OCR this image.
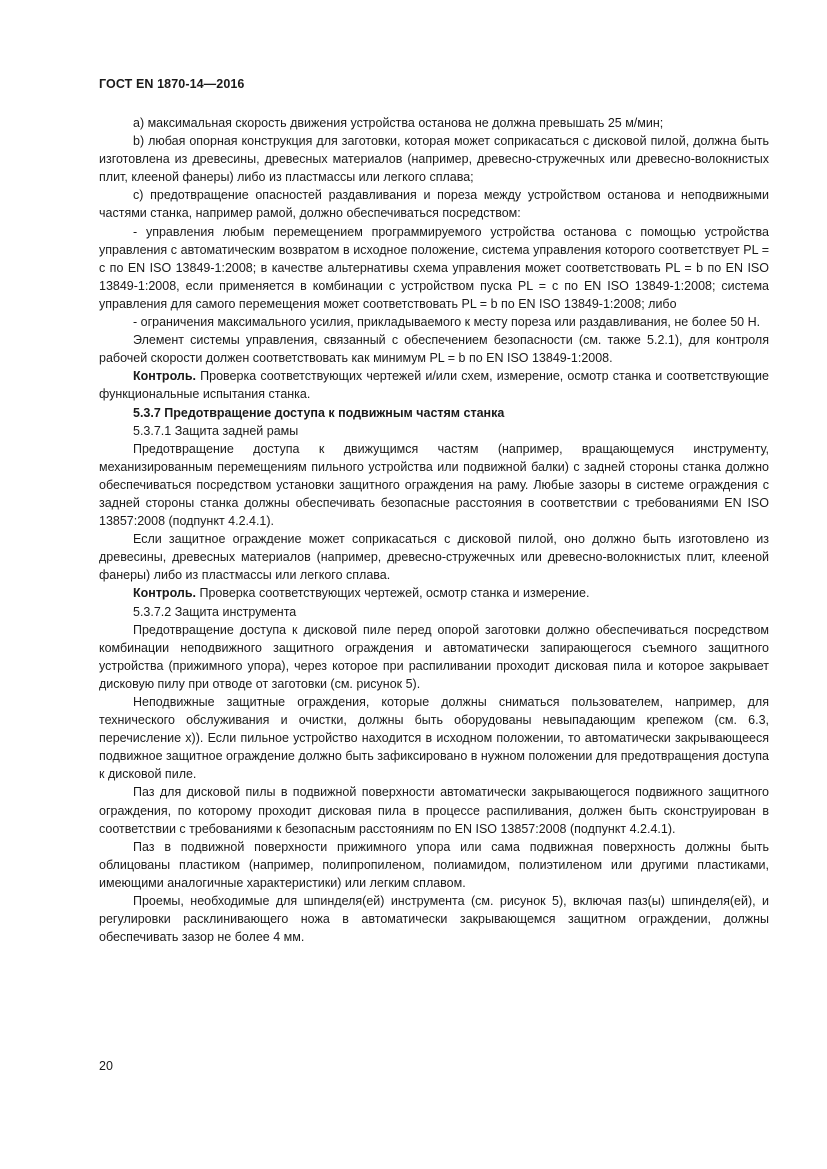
ГОСТ EN 1870-14—2016

а) максимальная скорость движения устройства останова не должна превышать 25 м/мин;

b) любая опорная конструкция для заготовки, которая может соприкасаться с дисковой пилой, должна быть изготовлена из древесины, древесных материалов (например, древесно-стружечных или древесно-волокнистых плит, клееной фанеры) либо из пластмассы или легкого сплава;

с) предотвращение опасностей раздавливания и пореза между устройством останова и неподвижными частями станка, например рамой, должно обеспечиваться посредством:

- управления любым перемещением программируемого устройства останова с помощью устройства управления с автоматическим возвратом в исходное положение, система управления которого соответствует PL = с по EN ISO 13849-1:2008; в качестве альтернативы схема управления может соответствовать PL = b по EN ISO 13849-1:2008, если применяется в комбинации с устройством пуска PL = с по EN ISO 13849-1:2008; система управления для самого перемещения может соответствовать PL = b по EN ISO 13849-1:2008; либо

- ограничения максимального усилия, прикладываемого к месту пореза или раздавливания, не более 50 Н.

Элемент системы управления, связанный с обеспечением безопасности (см. также 5.2.1), для контроля рабочей скорости должен соответствовать как минимум PL = b по EN ISO 13849-1:2008.

Контроль. Проверка соответствующих чертежей и/или схем, измерение, осмотр станка и соответствующие функциональные испытания станка.

5.3.7 Предотвращение доступа к подвижным частям станка

5.3.7.1 Защита задней рамы

Предотвращение доступа к движущимся частям (например, вращающемуся инструменту, механизированным перемещениям пильного устройства или подвижной балки) с задней стороны станка должно обеспечиваться посредством установки защитного ограждения на раму. Любые зазоры в системе ограждения с задней стороны станка должны обеспечивать безопасные расстояния в соответствии с требованиями EN ISO 13857:2008 (подпункт 4.2.4.1).

Если защитное ограждение может соприкасаться с дисковой пилой, оно должно быть изготовлено из древесины, древесных материалов (например, древесно-стружечных или древесно-волокнистых плит, клееной фанеры) либо из пластмассы или легкого сплава.

Контроль. Проверка соответствующих чертежей, осмотр станка и измерение.

5.3.7.2 Защита инструмента

Предотвращение доступа к дисковой пиле перед опорой заготовки должно обеспечиваться посредством комбинации неподвижного защитного ограждения и автоматически запирающегося съемного защитного устройства (прижимного упора), через которое при распиливании проходит дисковая пила и которое закрывает дисковую пилу при отводе от заготовки (см. рисунок 5).

Неподвижные защитные ограждения, которые должны сниматься пользователем, например, для технического обслуживания и очистки, должны быть оборудованы невыпадающим крепежом (см. 6.3, перечисление х)). Если пильное устройство находится в исходном положении, то автоматически закрывающееся подвижное защитное ограждение должно быть зафиксировано в нужном положении для предотвращения доступа к дисковой пиле.

Паз для дисковой пилы в подвижной поверхности автоматически закрывающегося подвижного защитного ограждения, по которому проходит дисковая пила в процессе распиливания, должен быть сконструирован в соответствии с требованиями к безопасным расстояниям по EN ISO 13857:2008 (подпункт 4.2.4.1).

Паз в подвижной поверхности прижимного упора или сама подвижная поверхность должны быть облицованы пластиком (например, полипропиленом, полиамидом, полиэтиленом или другими пластиками, имеющими аналогичные характеристики) или легким сплавом.

Проемы, необходимые для шпинделя(ей) инструмента (см. рисунок 5), включая паз(ы) шпинделя(ей), и регулировки расклинивающего ножа в автоматически закрывающемся защитном ограждении, должны обеспечивать зазор не более 4 мм.

20
